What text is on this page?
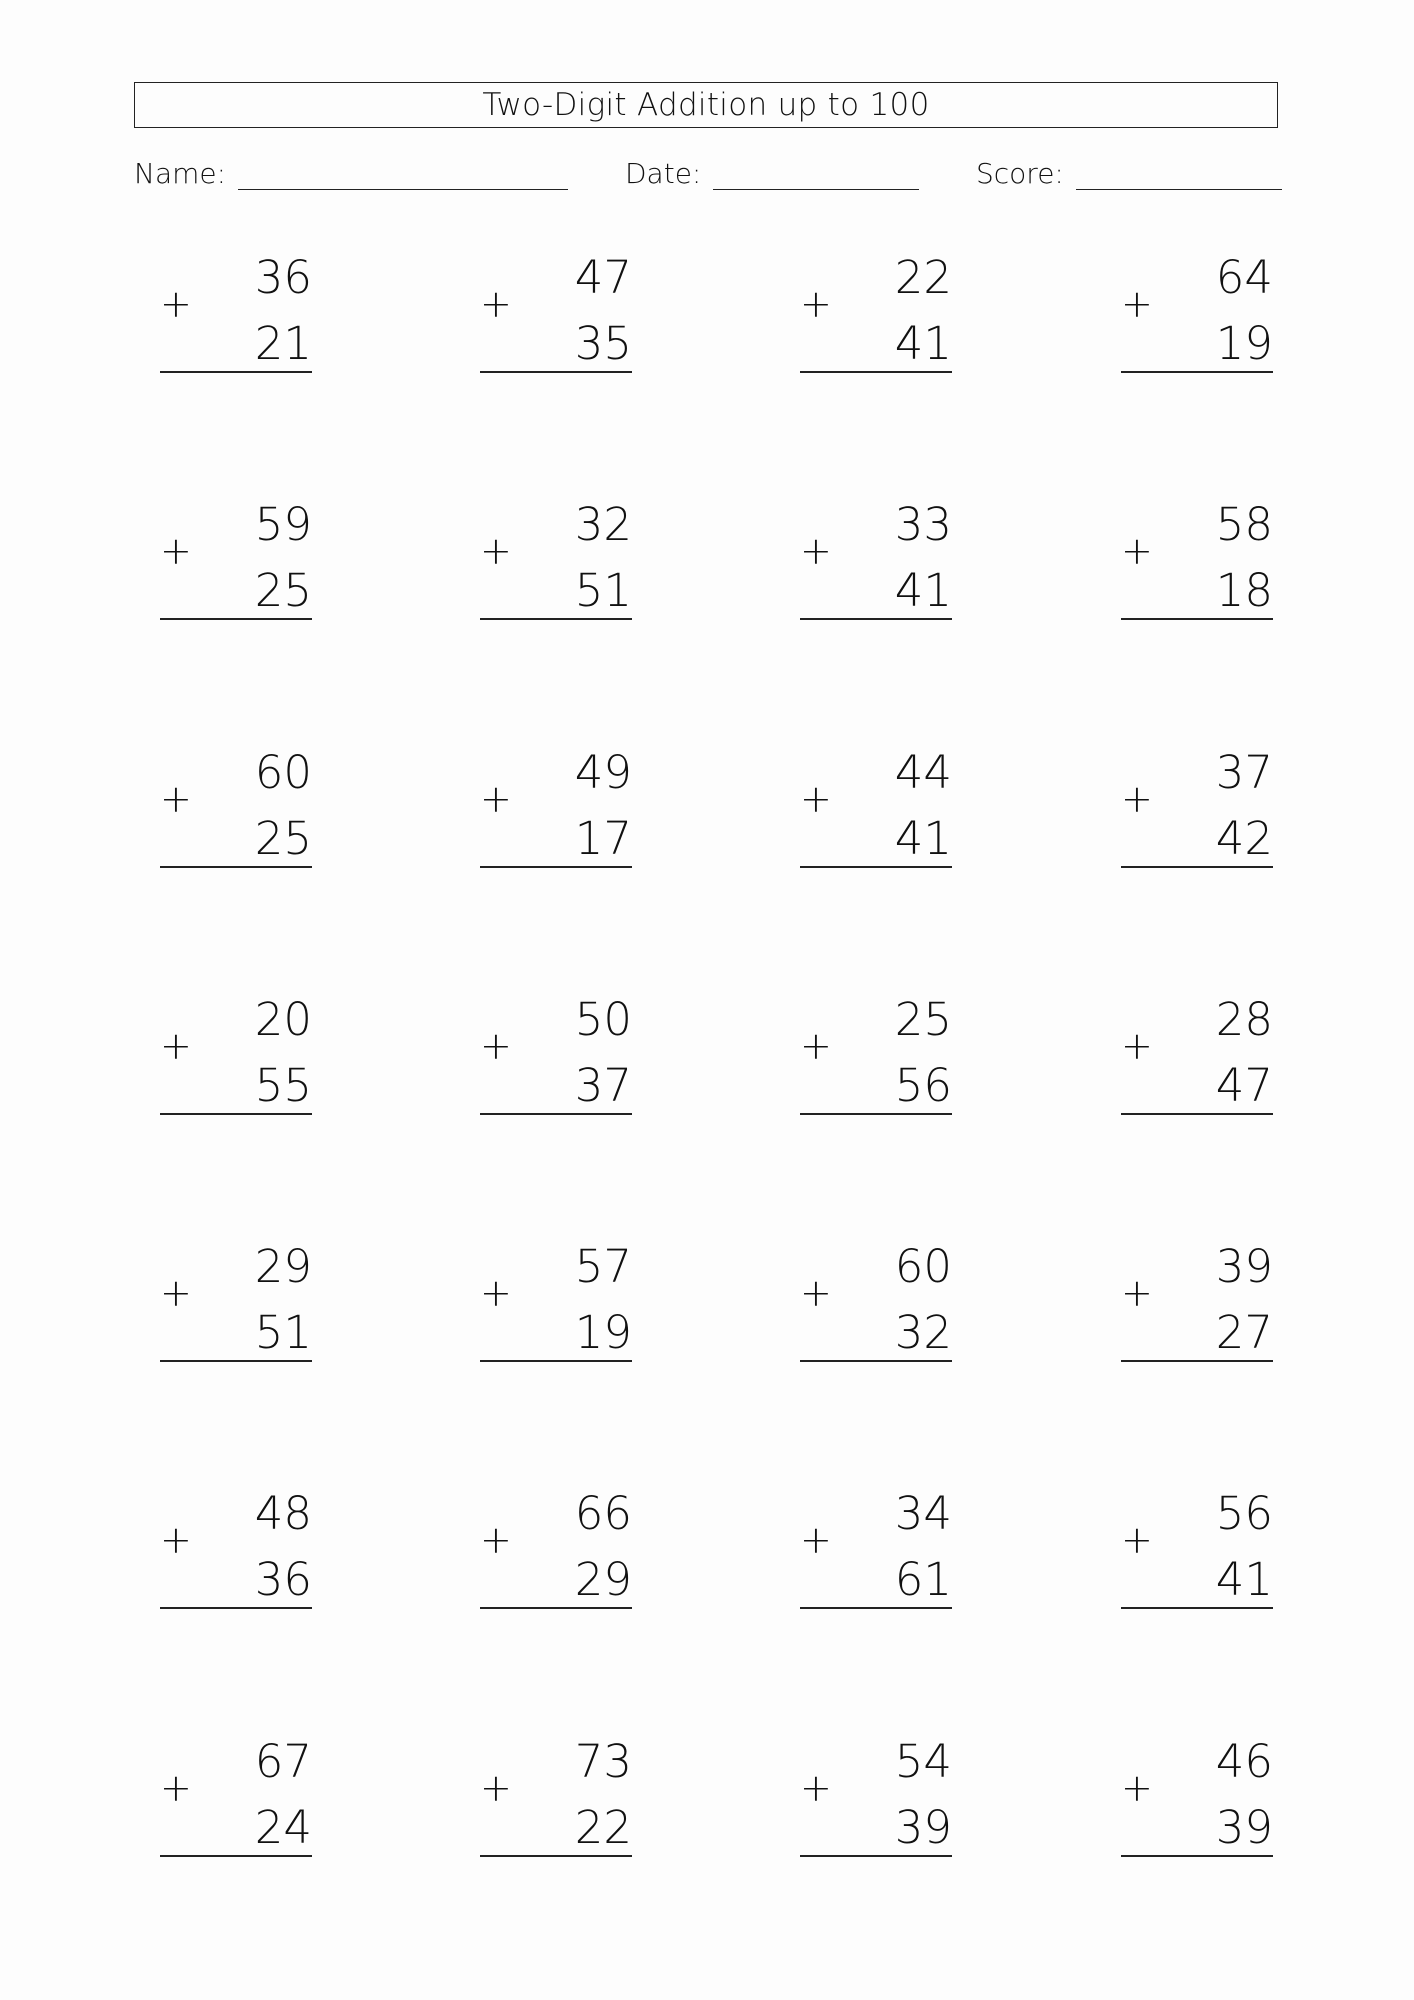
Two-Digit Addition up to 100
Name:	Date:	Score:
+ 36
21
+ 47
35
+ 22
41
+ 64
19
+ 59
25
+ 32
51
+ 33
41
+ 58
18
+ 60
25
+ 49
17
+ 44
41
+ 37
42
+ 20
55
+ 50
37
+ 25
56
+ 28
47
+ 29
51
+ 57
19
+ 60
32
+ 39
27
+ 48
36
+ 66
29
+ 34
61
+ 56
41
+ 67
24
+ 73
22
+ 54
39
+ 46
39
